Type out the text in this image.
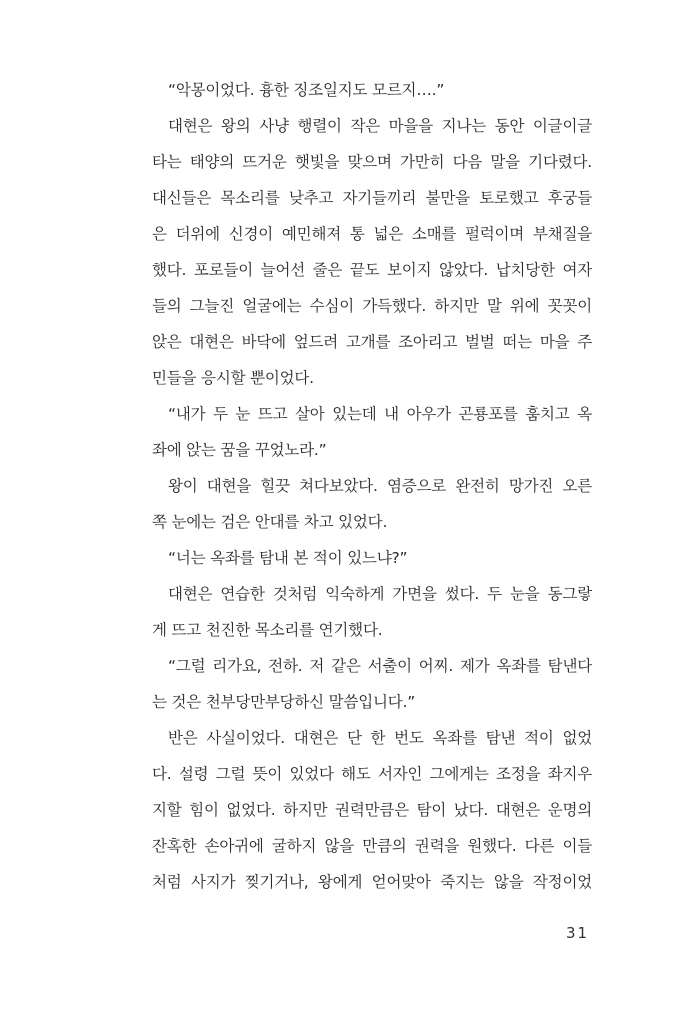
“악몽이었다. 흉한 징조일지도 모르지….”
대현은 왕의 사냥 행렬이 작은 마을을 지나는 동안 이글이글
타는 태양의 뜨거운 햇빛을 맞으며 가만히 다음 말을 기다렸다.
대신들은 목소리를 낮추고 자기들끼리 불만을 토로했고 후궁들
은 더위에 신경이 예민해져 통 넓은 소매를 펄럭이며 부채질을
했다. 포로들이 늘어선 줄은 끝도 보이지 않았다. 납치당한 여자
들의 그늘진 얼굴에는 수심이 가득했다. 하지만 말 위에 꼿꼿이
앉은 대현은 바닥에 엎드려 고개를 조아리고 벌벌 떠는 마을 주
민들을 응시할 뿐이었다.
“내가 두 눈 뜨고 살아 있는데 내 아우가 곤룡포를 훔치고 옥
좌에 앉는 꿈을 꾸었노라.”
왕이 대현을 힐끗 쳐다보았다. 염증으로 완전히 망가진 오른
쪽 눈에는 검은 안대를 차고 있었다.
“너는 옥좌를 탐내 본 적이 있느냐?”
대현은 연습한 것처럼 익숙하게 가면을 썼다. 두 눈을 동그랗
게 뜨고 천진한 목소리를 연기했다.
“그럴 리가요, 전하. 저 같은 서출이 어찌. 제가 옥좌를 탐낸다
는 것은 천부당만부당하신 말씀입니다.”
반은 사실이었다. 대현은 단 한 번도 옥좌를 탐낸 적이 없었
다. 설령 그럴 뜻이 있었다 해도 서자인 그에게는 조정을 좌지우
지할 힘이 없었다. 하지만 권력만큼은 탐이 났다. 대현은 운명의
잔혹한 손아귀에 굴하지 않을 만큼의 권력을 원했다. 다른 이들
처럼 사지가 찢기거나, 왕에게 얻어맞아 죽지는 않을 작정이었
31
